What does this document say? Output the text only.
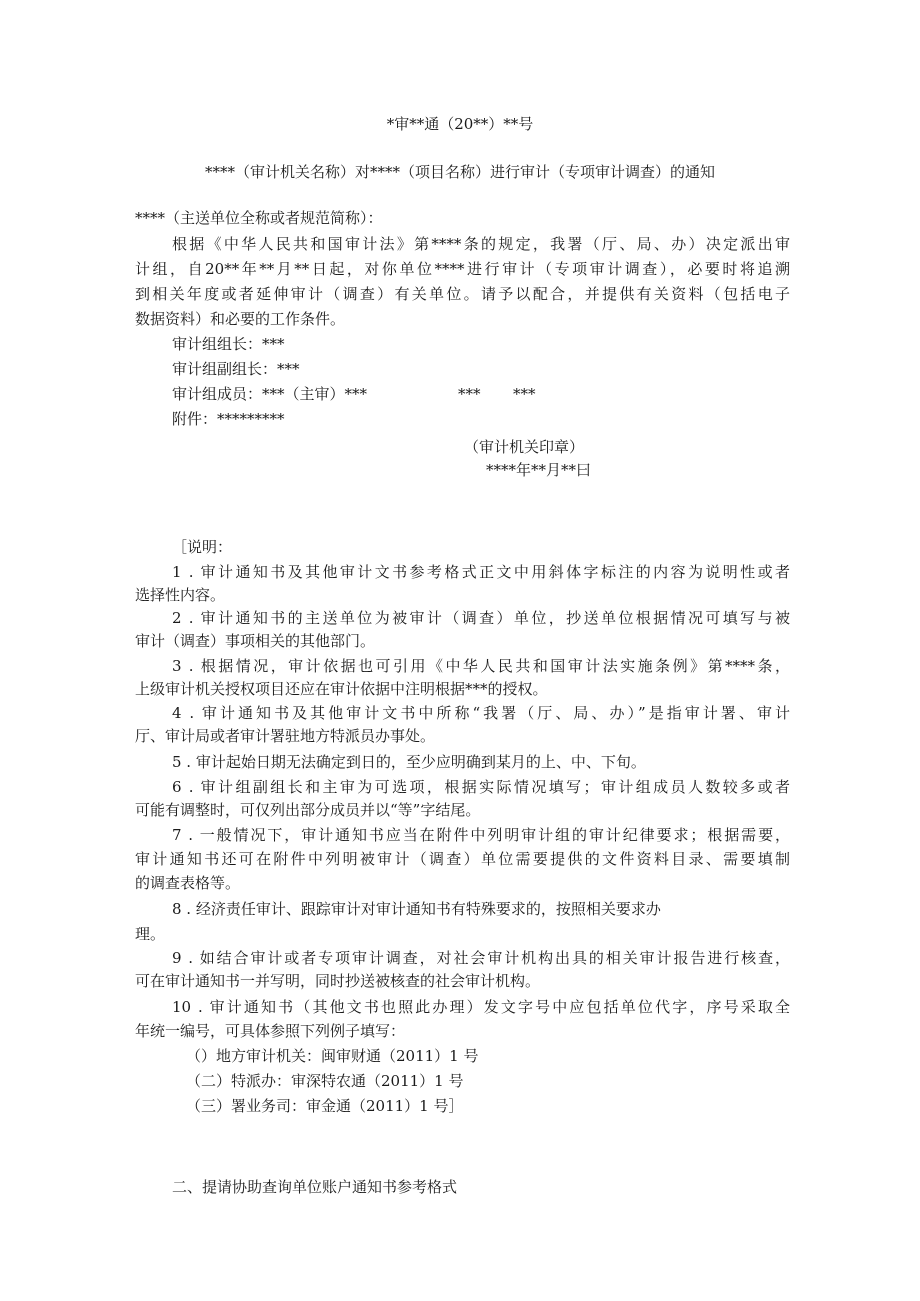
*审**通（20**）**号
****（审计机关名称）对****（项目名称）进行审计（专项审计调查）的通知
****（主送单位全称或者规范简称）：
根据《中华人民共和国审计法》第****条的规定，我署（厅、局、办）决定派出审
计组，自20**年**月**日起，对你单位****进行审计（专项审计调查），必要时将追溯
到相关年度或者延伸审计（调查）有关单位。请予以配合，并提供有关资料（包括电子
数据资料）和必要的工作条件。
审计组组长：***
审计组副组长：***
审计组成员：***（主审）***	*** ***
附件：*********
（审计机关印章）
****年**月**曰
［说明：
1 . 审计通知书及其他审计文书参考格式正文中用斜体字标注的内容为说明性或者
选择性内容。
2 . 审计通知书的主送单位为被审计（调查）单位，抄送单位根据情况可填写与被
审计（调查）事项相关的其他部门。
3 . 根据情况，审计依据也可引用《中华人民共和国审计法实施条例》第****条，
上级审计机关授权项目还应在审计依据中注明根据***的授权。
4 . 审计通知书及其他审计文书中所称“我署（厅、局、办）”是指审计署、审计
厅、审计局或者审计署驻地方特派员办事处。
5 . 审计起始日期无法确定到日的，至少应明确到某月的上、中、下旬。
6 . 审计组副组长和主审为可选项，根据实际情况填写；审计组成员人数较多或者
可能有调整时，可仅列出部分成员并以“等”字结尾。
7 . 一般情况下，审计通知书应当在附件中列明审计组的审计纪律要求；根据需要，
审计通知书还可在附件中列明被审计（调查）单位需要提供的文件资料目录、需要填制
的调查表格等。
8 . 经济责任审计、跟踪审计对审计通知书有特殊要求的，按照相关要求办
理。
9 . 如结合审计或者专项审计调查，对社会审计机构出具的相关审计报告进行核查，
可在审计通知书一并写明，同时抄送被核查的社会审计机构。
10 . 审计通知书（其他文书也照此办理）发文字号中应包括单位代字，序号采取全
年统一编号，可具体参照下列例子填写：
（）地方审计机关：闽审财通（2011）1 号
（二）特派办：审深特农通（2011）1 号
（三）署业务司：审金通（2011）1 号］
二、提请协助查询单位账户通知书参考格式
